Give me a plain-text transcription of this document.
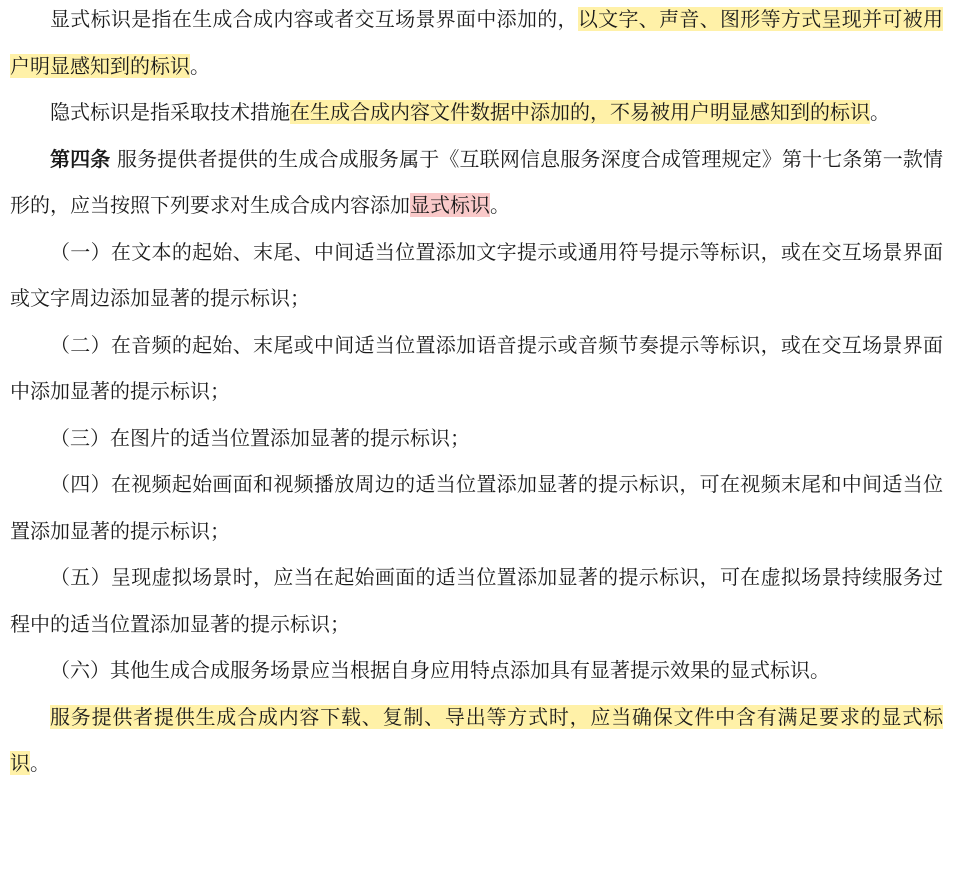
显式标识是指在生成合成内容或者交互场景界面中添加的，以文字、声音、图形等方式呈现并可被用户明显感知到的标识。

隐式标识是指采取技术措施在生成合成内容文件数据中添加的，不易被用户明显感知到的标识。

第四条 服务提供者提供的生成合成服务属于《互联网信息服务深度合成管理规定》第十七条第一款情形的，应当按照下列要求对生成合成内容添加显式标识。

（一）在文本的起始、末尾、中间适当位置添加文字提示或通用符号提示等标识，或在交互场景界面或文字周边添加显著的提示标识；

（二）在音频的起始、末尾或中间适当位置添加语音提示或音频节奏提示等标识，或在交互场景界面中添加显著的提示标识；

（三）在图片的适当位置添加显著的提示标识；

（四）在视频起始画面和视频播放周边的适当位置添加显著的提示标识，可在视频末尾和中间适当位置添加显著的提示标识；

（五）呈现虚拟场景时，应当在起始画面的适当位置添加显著的提示标识，可在虚拟场景持续服务过程中的适当位置添加显著的提示标识；

（六）其他生成合成服务场景应当根据自身应用特点添加具有显著提示效果的显式标识。

服务提供者提供生成合成内容下载、复制、导出等方式时，应当确保文件中含有满足要求的显式标识。
